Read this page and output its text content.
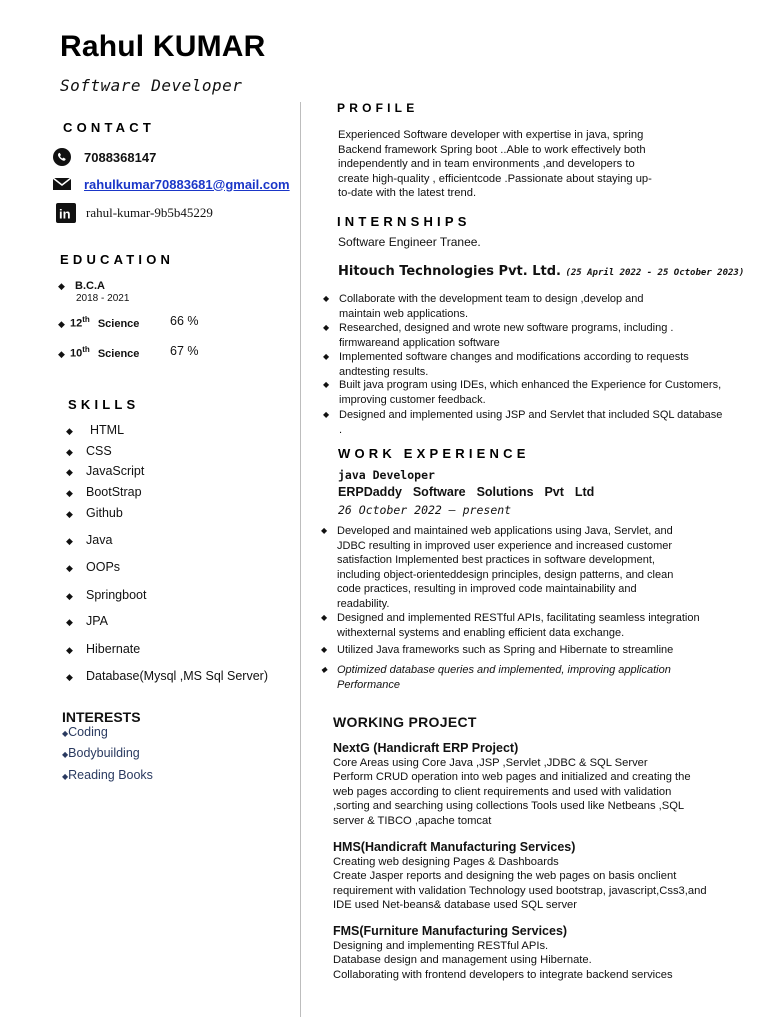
Rahul KUMAR
Software Developer
CONTACT
7088368147
rahulkumar70883681@gmail.com
in rahul-kumar-9b5b45229
EDUCATION
◆ B.C.A
2018 - 2021
◆ 12th Science 66 %
◆ 10th Science 67 %
SKILLS
◆ HTML
◆ CSS
◆ JavaScript
◆ BootStrap
◆ Github
◆ Java
◆ OOPs
◆ Springboot
◆ JPA
◆ Hibernate
◆ Database(Mysql ,MS Sql Server)
INTERESTS
◆Coding
◆Bodybuilding
◆Reading Books
PROFILE
Experienced Software developer with expertise in java, spring
Backend framework Spring boot ..Able to work effectively both
independently and in team environments ,and developers to
create high-quality , efficientcode .Passionate about staying up-
to-date with the latest trend.
INTERNSHIPS
Software Engineer Tranee.
Hitouch Technologies Pvt. Ltd. (25 April 2022 - 25 October 2023)
◆ Collaborate with the development team to design ,develop and
maintain web applications.
◆ Researched, designed and wrote new software programs, including .
firmwareand application software
◆ Implemented software changes and modifications according to requests
andtesting results.
◆ Built java program using IDEs, which enhanced the Experience for Customers,
improving customer feedback.
◆ Designed and implemented using JSP and Servlet that included SQL database
.
WORK EXPERIENCE
java Developer
ERPDaddy  Software  Solutions  Pvt  Ltd
26 October 2022 – present
◆ Developed and maintained web applications using Java, Servlet, and
JDBC resulting in improved user experience and increased customer
satisfaction Implemented best practices in software development,
including object-orienteddesign principles, design patterns, and clean
code practices, resulting in improved code maintainability and
readability.
◆ Designed and implemented RESTful APIs, facilitating seamless integration
withexternal systems and enabling efficient data exchange.
◆ Utilized Java frameworks such as Spring and Hibernate to streamline
◆ Optimized database queries and implemented, improving application
Performance
WORKING PROJECT
NextG (Handicraft ERP Project)
Core Areas using Core Java ,JSP ,Servlet ,JDBC & SQL Server
Perform CRUD operation into web pages and initialized and creating the
web pages according to client requirements and used with validation
,sorting and searching using collections Tools used like Netbeans ,SQL
server & TIBCO ,apache tomcat
HMS(Handicraft Manufacturing Services)
Creating web designing Pages & Dashboards
Create Jasper reports and designing the web pages on basis onclient
requirement with validation Technology used bootstrap, javascript,Css3,and
IDE used Net-beans& database used SQL server
FMS(Furniture Manufacturing Services)
Designing and implementing RESTful APIs.
Database design and management using Hibernate.
Collaborating with frontend developers to integrate backend services
